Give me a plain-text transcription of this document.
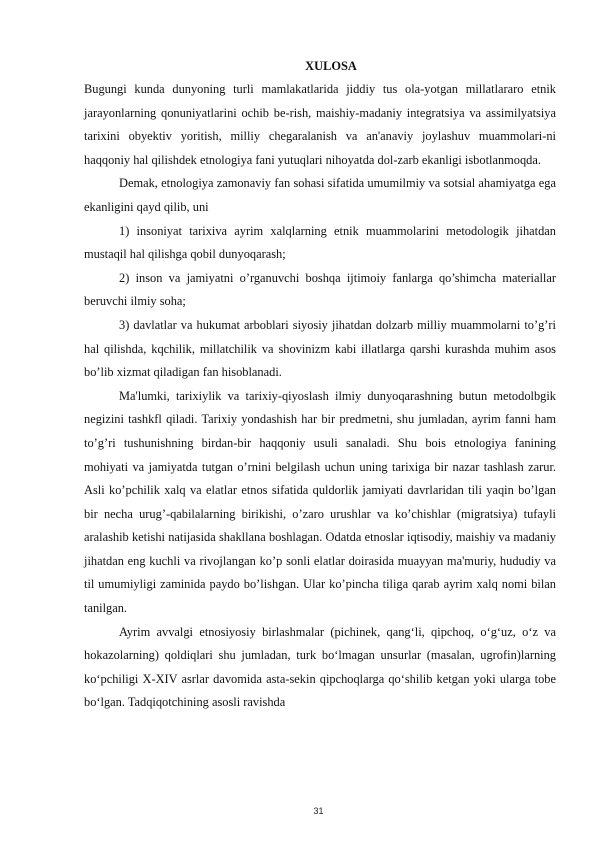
XULOSA

Bugungi kunda dunyoning turli mamlakatlarida jiddiy tus ola-yotgan millatlararo etnik jarayonlarning qonuniyatlarini ochib be-rish, maishiy-madaniy integratsiya va assimilyatsiya tarixini obyektiv yoritish, milliy chegaralanish va an'anaviy joylashuv muammolari-ni haqqoniy hal qilishdek etnologiya fani yutuqlari nihoyatda dol-zarb ekanligi isbotlanmoqda.

Demak, etnologiya zamonaviy fan sohasi sifatida umumilmiy va sotsial ahamiyatga ega ekanligini qayd qilib, uni

1) insoniyat tarixiva ayrim xalqlarning etnik muammolarini metodologik jihatdan mustaqil hal qilishga qobil dunyoqarash;

2) inson va jamiyatni o’rganuvchi boshqa ijtimoiy fanlarga qo’shimcha materiallar beruvchi ilmiy soha;

3) davlatlar va hukumat arboblari siyosiy jihatdan dolzarb milliy muammolarni to’g’ri hal qilishda, kqchilik, millatchilik va shovinizm kabi illatlarga qarshi kurashda muhim asos bo’lib xizmat qiladigan fan hisoblanadi.

Ma'lumki, tarixiylik va tarixiy-qiyoslash ilmiy dunyoqarashning butun metodolbgik negizini tashkfl qiladi. Tarixiy yondashish har bir predmetni, shu jumladan, ayrim fanni ham to’g’ri tushunishning birdan-bir haqqoniy usuli sanaladi. Shu bois etnologiya fanining mohiyati va jamiyatda tutgan o’rnini belgilash uchun uning tarixiga bir nazar tashlash zarur. Asli ko’pchilik xalq va elatlar etnos sifatida quldorlik jamiyati davrlaridan tili yaqin bo’lgan bir necha urug’-qabilalarning birikishi, o’zaro urushlar va ko’chishlar (migratsiya) tufayli aralashib ketishi natijasida shakllana boshlagan. Odatda etnoslar iqtisodiy, maishiy va madaniy jihatdan eng kuchli va rivojlangan ko’p sonli elatlar doirasida muayyan ma'muriy, hududiy va til umumiyligi zaminida paydo bo’lishgan. Ular ko’pincha tiliga qarab ayrim xalq nomi bilan tanilgan.

Ayrim avvalgi etnosiyosiy birlashmalar (pichinek, qang‘li, qipchoq, o‘g‘uz, o‘z va hokazolarning) qoldiqlari shu jumladan, turk bo‘lmagan unsurlar (masalan, ugrofin)larning ko‘pchiligi X-XIV asrlar davomida asta-sekin qipchoqlarga qo‘shilib ketgan yoki ularga tobe bo‘lgan. Tadqiqotchining asosli ravishda

31
